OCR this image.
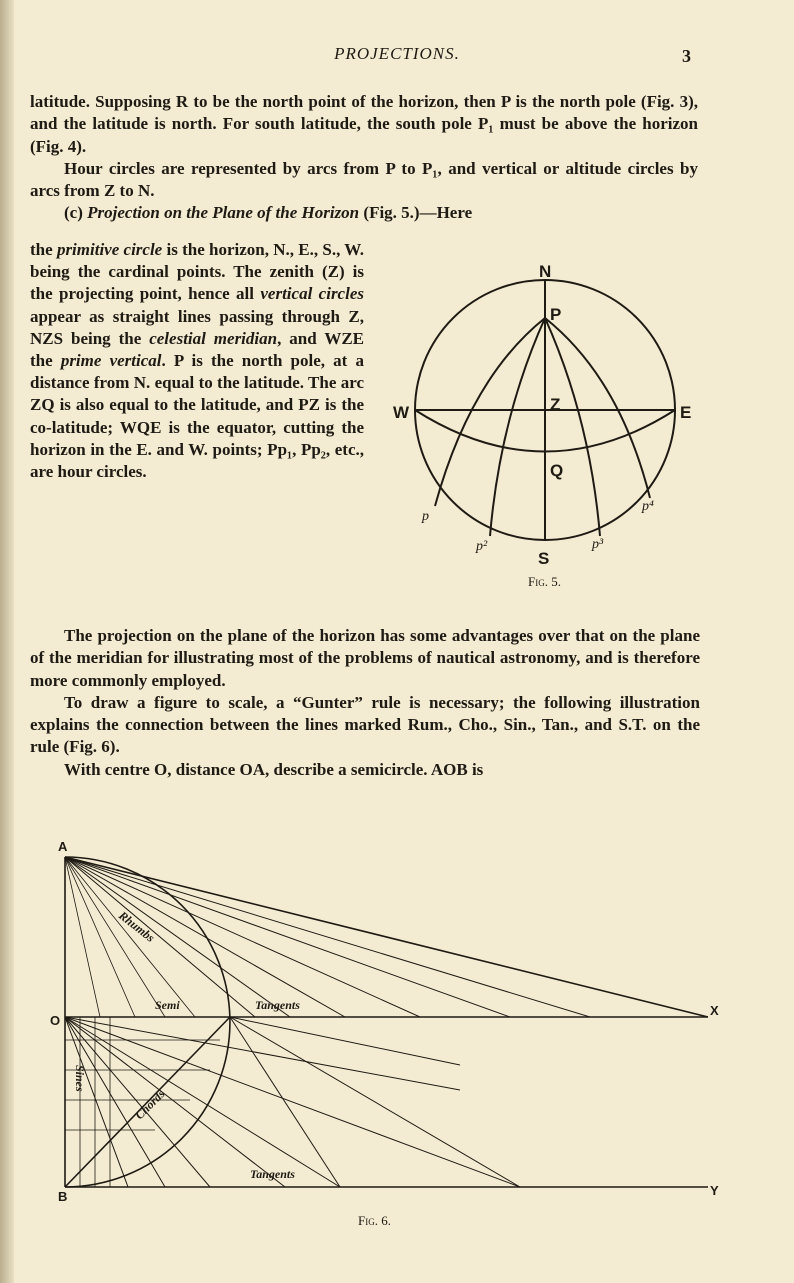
PROJECTIONS.	3

latitude. Supposing R to be the north point of the horizon, then P is the north pole (Fig. 3), and the latitude is north. For south latitude, the south pole P₁ must be above the horizon (Fig. 4).

Hour circles are represented by arcs from P to P₁, and vertical or altitude circles by arcs from Z to N.

(c) Projection on the Plane of the Horizon (Fig. 5.)—Here

the primitive circle is the horizon, N., E., S., W. being the cardinal points. The zenith (Z) is the projecting point, hence all vertical circles appear as straight lines passing through Z, NZS being the celestial meridian, and WZE the prime vertical. P is the north pole, at a distance from N. equal to the latitude. The arc ZQ is also equal to the latitude, and PZ is the co-latitude; WQE is the equator, cutting the horizon in the E. and W. points; Pp₁, Pp₂, etc., are hour circles.

N
P
W	E
Z
Q
S
p
p⁴
p²	p³
Fig. 5.

The projection on the plane of the horizon has some advantages over that on the plane of the meridian for illustrating most of the problems of nautical astronomy, and is therefore more commonly employed.

To draw a figure to scale, a “Gunter” rule is necessary; the following illustration explains the connection between the lines marked Rum., Cho., Sin., Tan., and S.T. on the rule (Fig. 6).

With centre O, distance OA, describe a semicircle. AOB is

A
O
B
X
Y
Rhumbs
Semi	Tangents
Tangents
Chords
Sines
Fig. 6.
